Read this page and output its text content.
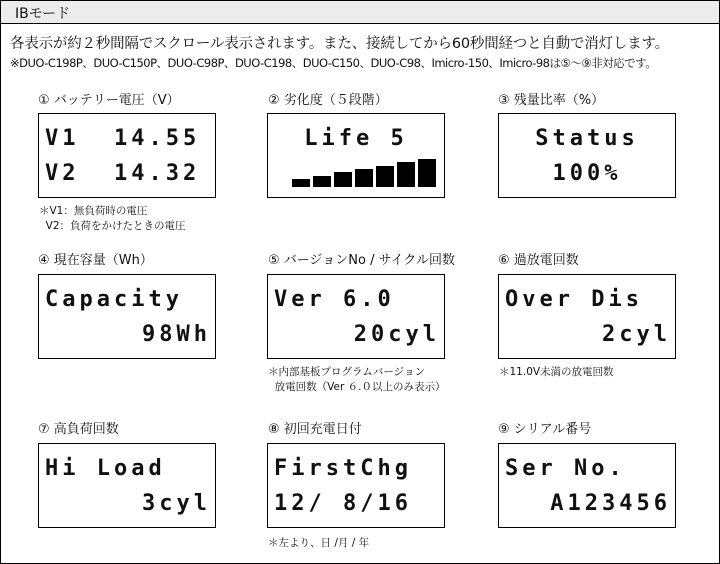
IBモード
各表示が約２秒間隔でスクロール表示されます。また、接続してから60秒間経つと自動で消灯します。
※DUO-C198P、DUO-C150P、DUO-C98P、DUO-C198、DUO-C150、DUO-C98、Imicro-150、Imicro-98は⑤〜⑨非対応です。
① バッテリー電圧（V）
V1  14.55
V2  14.32
＊V1：無負荷時の電圧
V2：負荷をかけたときの電圧
② 劣化度（５段階）
Life 5
③ 残量比率（%）
Status
100%
④ 現在容量（Wh）
Capacity
98Wh
⑤ バージョンNo / サイクル回数
Ver 6.0
20cyl
＊内部基板プログラムバージョン
放電回数（Ver ６.０以上のみ表示）
⑥ 過放電回数
Over Dis
2cyl
＊11.0V未満の放電回数
⑦ 高負荷回数
Hi Load
3cyl
⑧ 初回充電日付
FirstChg
12/ 8/16
＊左より、日 /月 / 年
⑨ シリアル番号
Ser No.
A123456
